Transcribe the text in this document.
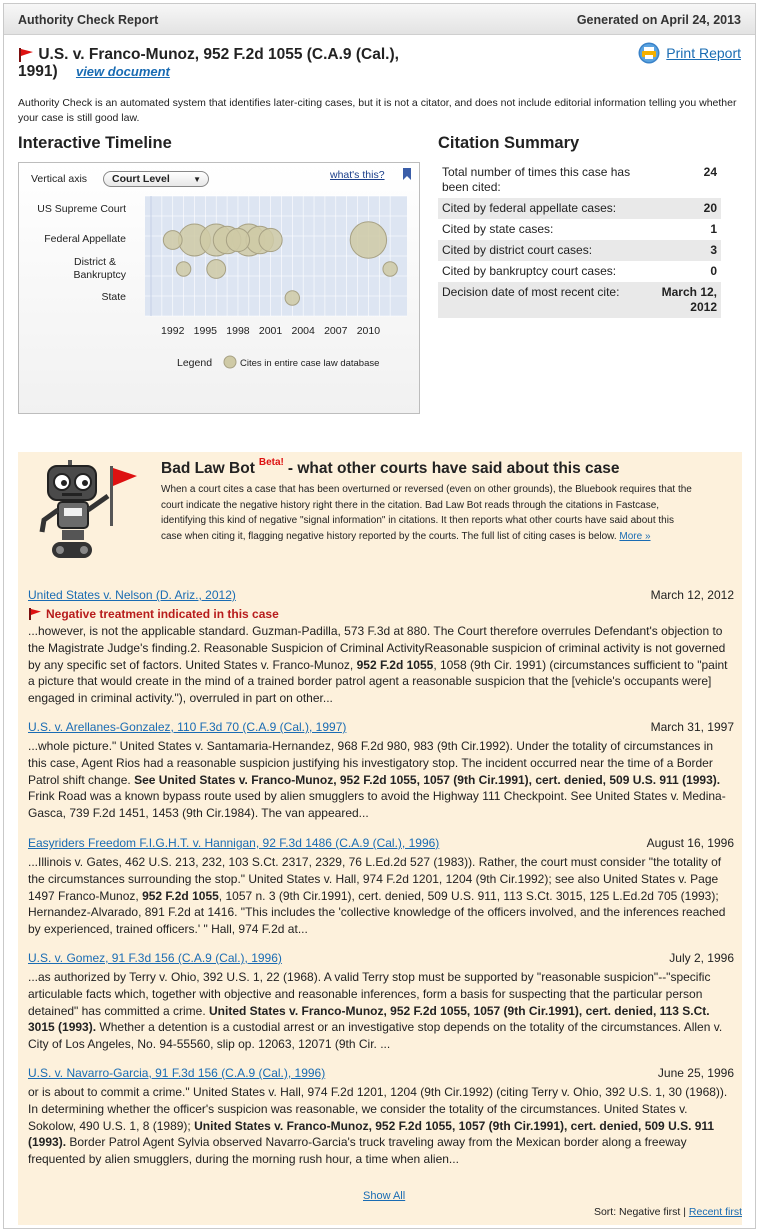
Authority Check Report	Generated on April 24, 2013
U.S. v. Franco-Munoz, 952 F.2d 1055 (C.A.9 (Cal.),
1991) view document
Print Report
Authority Check is an automated system that identifies later-citing cases, but it is not a citator, and does not include editorial information telling you whether your case is still good law.
Interactive Timeline	Citation Summary
Vertical axis	Court Level	▼	what's this?
US Supreme Court
Federal Appellate
District &
Bankruptcy
State
1992 1995 1998 2001 2004 2007 2010
Legend	Cites in entire case law database
Total number of times this case has been cited:
24
Cited by federal appellate cases:	20
Cited by state cases:	1
Cited by district court cases:	3
Cited by bankruptcy court cases:	0
Decision date of most recent cite:	March 12, 2012
Bad Law Bot $^{Beta!}$ - what other courts have said about this case
When a court cites a case that has been overturned or reversed (even on other grounds), the Bluebook requires that the court indicate the negative history right there in the citation. Bad Law Bot reads through the citations in Fastcase, identifying this kind of negative "signal information" in citations. It then reports what other courts have said about this case when citing it, flagging negative history reported by the courts. The full list of citing cases is below. More »
United States v. Nelson (D. Ariz., 2012)	March 12, 2012
Negative treatment indicated in this case
...however, is not the applicable standard. Guzman-Padilla, 573 F.3d at 880. The Court therefore overrules Defendant's objection to the Magistrate Judge's finding.2. Reasonable Suspicion of Criminal ActivityReasonable suspicion of criminal activity is not governed by any specific set of factors. United States v. Franco-Munoz, 952 F.2d 1055, 1058 (9th Cir. 1991) (circumstances sufficient to "paint a picture that would create in the mind of a trained border patrol agent a reasonable suspicion that the [vehicle's occupants were] engaged in criminal activity."), overruled in part on other...
U.S. v. Arellanes-Gonzalez, 110 F.3d 70 (C.A.9 (Cal.), 1997)	March 31, 1997
...whole picture." United States v. Santamaria-Hernandez, 968 F.2d 980, 983 (9th Cir.1992). Under the totality of circumstances in this case, Agent Rios had a reasonable suspicion justifying his investigatory stop. The incident occurred near the time of a Border Patrol shift change. See United States v. Franco-Munoz, 952 F.2d 1055, 1057 (9th Cir.1991), cert. denied, 509 U.S. 911 (1993). Frink Road was a known bypass route used by alien smugglers to avoid the Highway 111 Checkpoint. See United States v. Medina-Gasca, 739 F.2d 1451, 1453 (9th Cir.1984). The van appeared...
Easyriders Freedom F.I.G.H.T. v. Hannigan, 92 F.3d 1486 (C.A.9 (Cal.), 1996)	August 16, 1996
...Illinois v. Gates, 462 U.S. 213, 232, 103 S.Ct. 2317, 2329, 76 L.Ed.2d 527 (1983)). Rather, the court must consider "the totality of the circumstances surrounding the stop." United States v. Hall, 974 F.2d 1201, 1204 (9th Cir.1992); see also United States v. Page 1497 Franco-Munoz, 952 F.2d 1055, 1057 n. 3 (9th Cir.1991), cert. denied, 509 U.S. 911, 113 S.Ct. 3015, 125 L.Ed.2d 705 (1993); Hernandez-Alvarado, 891 F.2d at 1416. "This includes the 'collective knowledge of the officers involved, and the inferences reached by experienced, trained officers.' " Hall, 974 F.2d at...
U.S. v. Gomez, 91 F.3d 156 (C.A.9 (Cal.), 1996)	July 2, 1996
...as authorized by Terry v. Ohio, 392 U.S. 1, 22 (1968). A valid Terry stop must be supported by "reasonable suspicion"--"specific articulable facts which, together with objective and reasonable inferences, form a basis for suspecting that the particular person detained" has committed a crime. United States v. Franco-Munoz, 952 F.2d 1055, 1057 (9th Cir.1991), cert. denied, 113 S.Ct. 3015 (1993). Whether a detention is a custodial arrest or an investigative stop depends on the totality of the circumstances. Allen v. City of Los Angeles, No. 94-55560, slip op. 12063, 12071 (9th Cir. ...
U.S. v. Navarro-Garcia, 91 F.3d 156 (C.A.9 (Cal.), 1996)	June 25, 1996
or is about to commit a crime." United States v. Hall, 974 F.2d 1201, 1204 (9th Cir.1992) (citing Terry v. Ohio, 392 U.S. 1, 30 (1968)). In determining whether the officer's suspicion was reasonable, we consider the totality of the circumstances. United States v. Sokolow, 490 U.S. 1, 8 (1989); United States v. Franco-Munoz, 952 F.2d 1055, 1057 (9th Cir.1991), cert. denied, 509 U.S. 911 (1993). Border Patrol Agent Sylvia observed Navarro-Garcia's truck traveling away from the Mexican border along a freeway frequented by alien smugglers, during the morning rush hour, a time when alien...
Show All
Sort: Negative first | Recent first
